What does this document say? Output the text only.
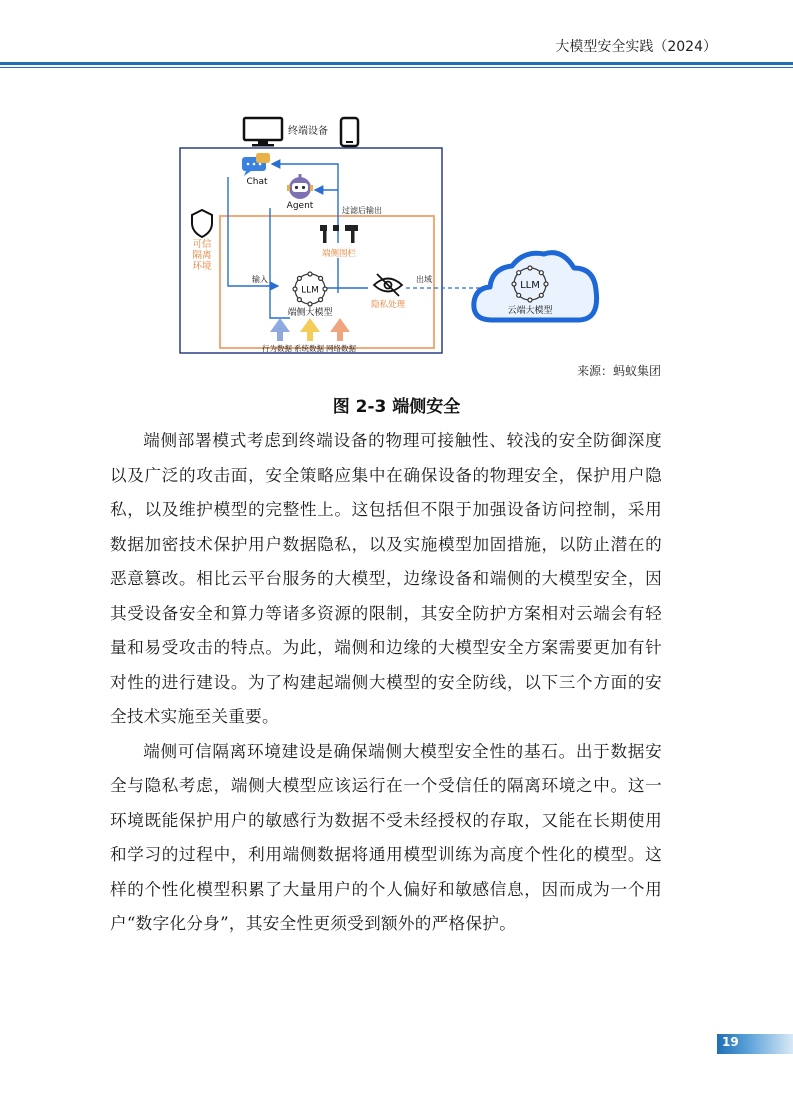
大模型安全实践（2024）
终端设备
可信
隔离
环境
Chat
Agent	过滤后输出
输入
端侧围栏
LLM
端侧大模型
行为数据 系统数据 网络数据
隐私处理
出域
LLM
云端大模型
来源：蚂蚁集团
图 2-3 端侧安全

端侧部署模式考虑到终端设备的物理可接触性、较浅的安全防御深度以及广泛的攻击面，安全策略应集中在确保设备的物理安全，保护用户隐私，以及维护模型的完整性上。这包括但不限于加强设备访问控制，采用数据加密技术保护用户数据隐私，以及实施模型加固措施，以防止潜在的恶意篡改。相比云平台服务的大模型，边缘设备和端侧的大模型安全，因其受设备安全和算力等诸多资源的限制，其安全防护方案相对云端会有轻量和易受攻击的特点。为此，端侧和边缘的大模型安全方案需要更加有针对性的进行建设。为了构建起端侧大模型的安全防线，以下三个方面的安全技术实施至关重要。

端侧可信隔离环境建设是确保端侧大模型安全性的基石。出于数据安全与隐私考虑，端侧大模型应该运行在一个受信任的隔离环境之中。这一环境既能保护用户的敏感行为数据不受未经授权的存取，又能在长期使用和学习的过程中，利用端侧数据将通用模型训练为高度个性化的模型。这样的个性化模型积累了大量用户的个人偏好和敏感信息，因而成为一个用户“数字化分身”，其安全性更须受到额外的严格保护。

19
